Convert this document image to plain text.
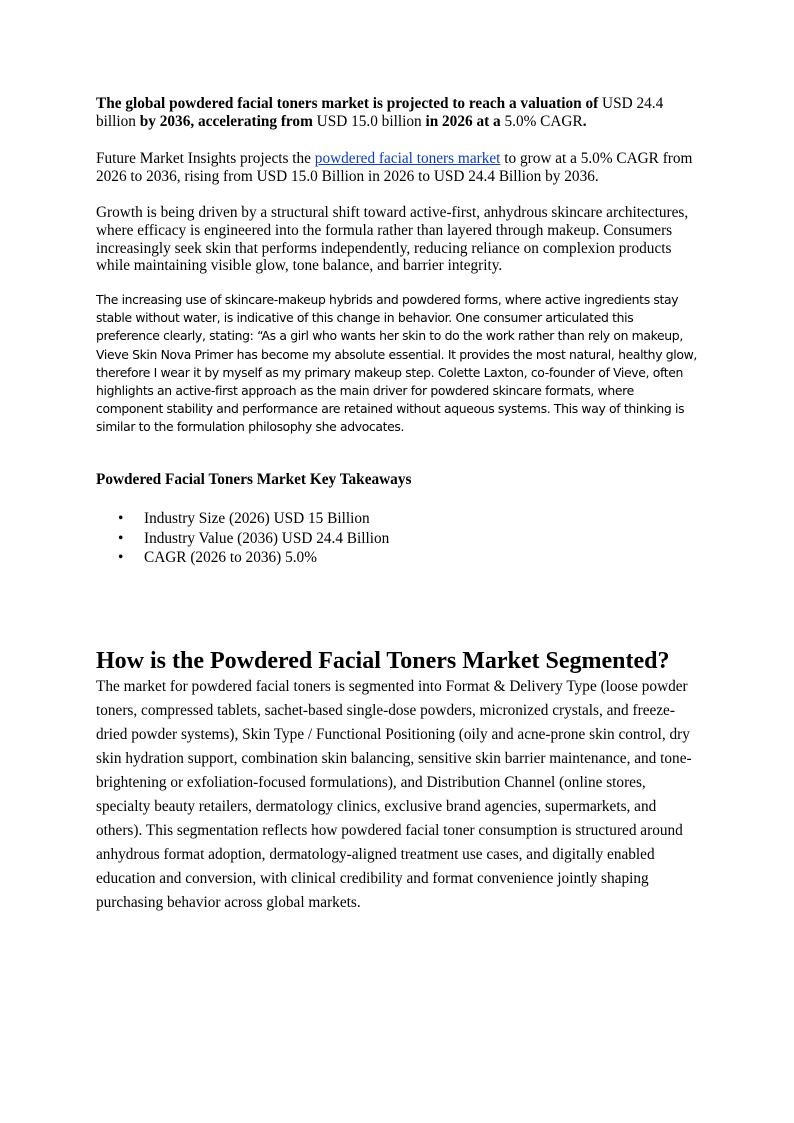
The global powdered facial toners market is projected to reach a valuation of USD 24.4 billion by 2036, accelerating from USD 15.0 billion in 2026 at a 5.0% CAGR.

Future Market Insights projects the powdered facial toners market to grow at a 5.0% CAGR from 2026 to 2036, rising from USD 15.0 Billion in 2026 to USD 24.4 Billion by 2036.

Growth is being driven by a structural shift toward active-first, anhydrous skincare architectures, where efficacy is engineered into the formula rather than layered through makeup. Consumers increasingly seek skin that performs independently, reducing reliance on complexion products while maintaining visible glow, tone balance, and barrier integrity.

The increasing use of skincare-makeup hybrids and powdered forms, where active ingredients stay stable without water, is indicative of this change in behavior. One consumer articulated this preference clearly, stating: “As a girl who wants her skin to do the work rather than rely on makeup, Vieve Skin Nova Primer has become my absolute essential. It provides the most natural, healthy glow, therefore I wear it by myself as my primary makeup step. Colette Laxton, co-founder of Vieve, often highlights an active-first approach as the main driver for powdered skincare formats, where component stability and performance are retained without aqueous systems. This way of thinking is similar to the formulation philosophy she advocates.

Powdered Facial Toners Market Key Takeaways
• Industry Size (2026) USD 15 Billion
• Industry Value (2036) USD 24.4 Billion
• CAGR (2026 to 2036) 5.0%
How is the Powdered Facial Toners Market Segmented?

The market for powdered facial toners is segmented into Format & Delivery Type (loose powder toners, compressed tablets, sachet-based single-dose powders, micronized crystals, and freeze-dried powder systems), Skin Type / Functional Positioning (oily and acne-prone skin control, dry skin hydration support, combination skin balancing, sensitive skin barrier maintenance, and tone-brightening or exfoliation-focused formulations), and Distribution Channel (online stores, specialty beauty retailers, dermatology clinics, exclusive brand agencies, supermarkets, and others). This segmentation reflects how powdered facial toner consumption is structured around anhydrous format adoption, dermatology-aligned treatment use cases, and digitally enabled education and conversion, with clinical credibility and format convenience jointly shaping purchasing behavior across global markets.
